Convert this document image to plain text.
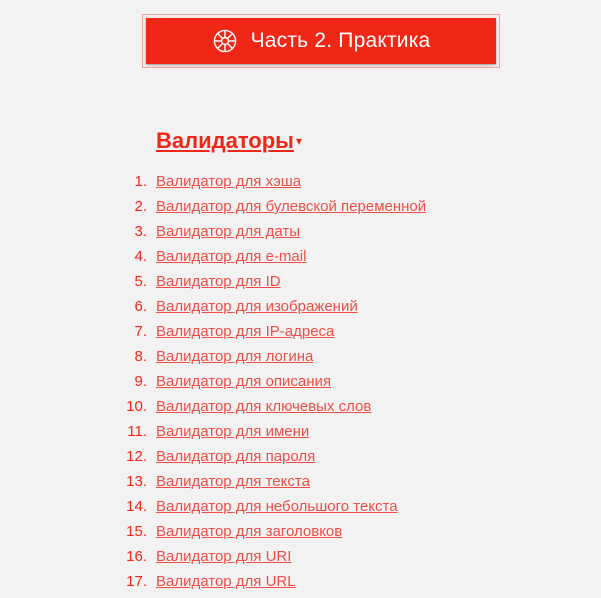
Часть 2. Практика
Валидаторы ▾
1. Валидатор для хэша
2. Валидатор для булевской переменной
3. Валидатор для даты
4. Валидатор для e-mail
5. Валидатор для ID
6. Валидатор для изображений
7. Валидатор для IP-адреса
8. Валидатор для логина
9. Валидатор для описания
10. Валидатор для ключевых слов
11. Валидатор для имени
12. Валидатор для пароля
13. Валидатор для текста
14. Валидатор для небольшого текста
15. Валидатор для заголовков
16. Валидатор для URI
17. Валидатор для URL
